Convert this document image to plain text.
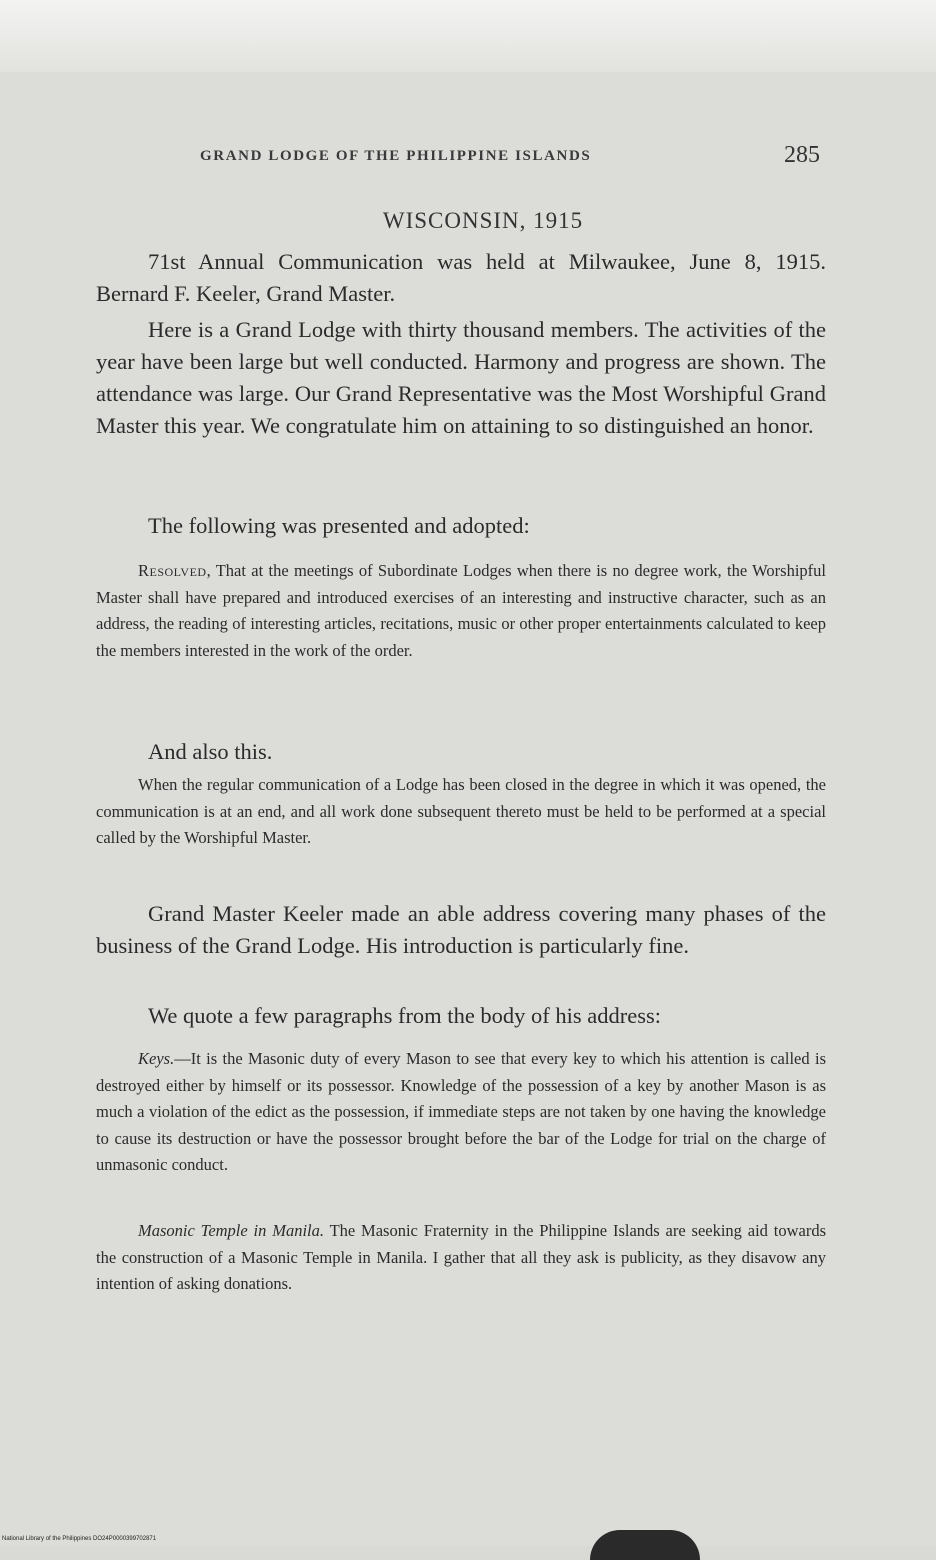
GRAND LODGE OF THE PHILIPPINE ISLANDS	285
WISCONSIN, 1915

71st Annual Communication was held at Milwaukee, June 8, 1915. Bernard F. Keeler, Grand Master.

Here is a Grand Lodge with thirty thousand members. The activities of the year have been large but well conducted. Harmony and progress are shown. The attendance was large. Our Grand Representative was the Most Worshipful Grand Master this year. We congratulate him on attaining to so distinguished an honor.

The following was presented and adopted:

Resolved, That at the meetings of Subordinate Lodges when there is no degree work, the Worshipful Master shall have prepared and introduced exercises of an interesting and instructive character, such as an address, the reading of interesting articles, recitations, music or other proper entertainments calculated to keep the members interested in the work of the order.

And also this.

When the regular communication of a Lodge has been closed in the degree in which it was opened, the communication is at an end, and all work done subsequent thereto must be held to be performed at a special called by the Worshipful Master.

Grand Master Keeler made an able address covering many phases of the business of the Grand Lodge. His introduction is particularly fine.

We quote a few paragraphs from the body of his address:

Keys.—It is the Masonic duty of every Mason to see that every key to which his attention is called is destroyed either by himself or its possessor. Knowledge of the possession of a key by another Mason is as much a violation of the edict as the possession, if immediate steps are not taken by one having the knowledge to cause its destruction or have the possessor brought before the bar of the Lodge for trial on the charge of unmasonic conduct.

Masonic Temple in Manila. The Masonic Fraternity in the Philippine Islands are seeking aid towards the construction of a Masonic Temple in Manila. I gather that all they ask is publicity, as they disavow any intention of asking donations.

National Library of the Philippines DO24P0000399702871
